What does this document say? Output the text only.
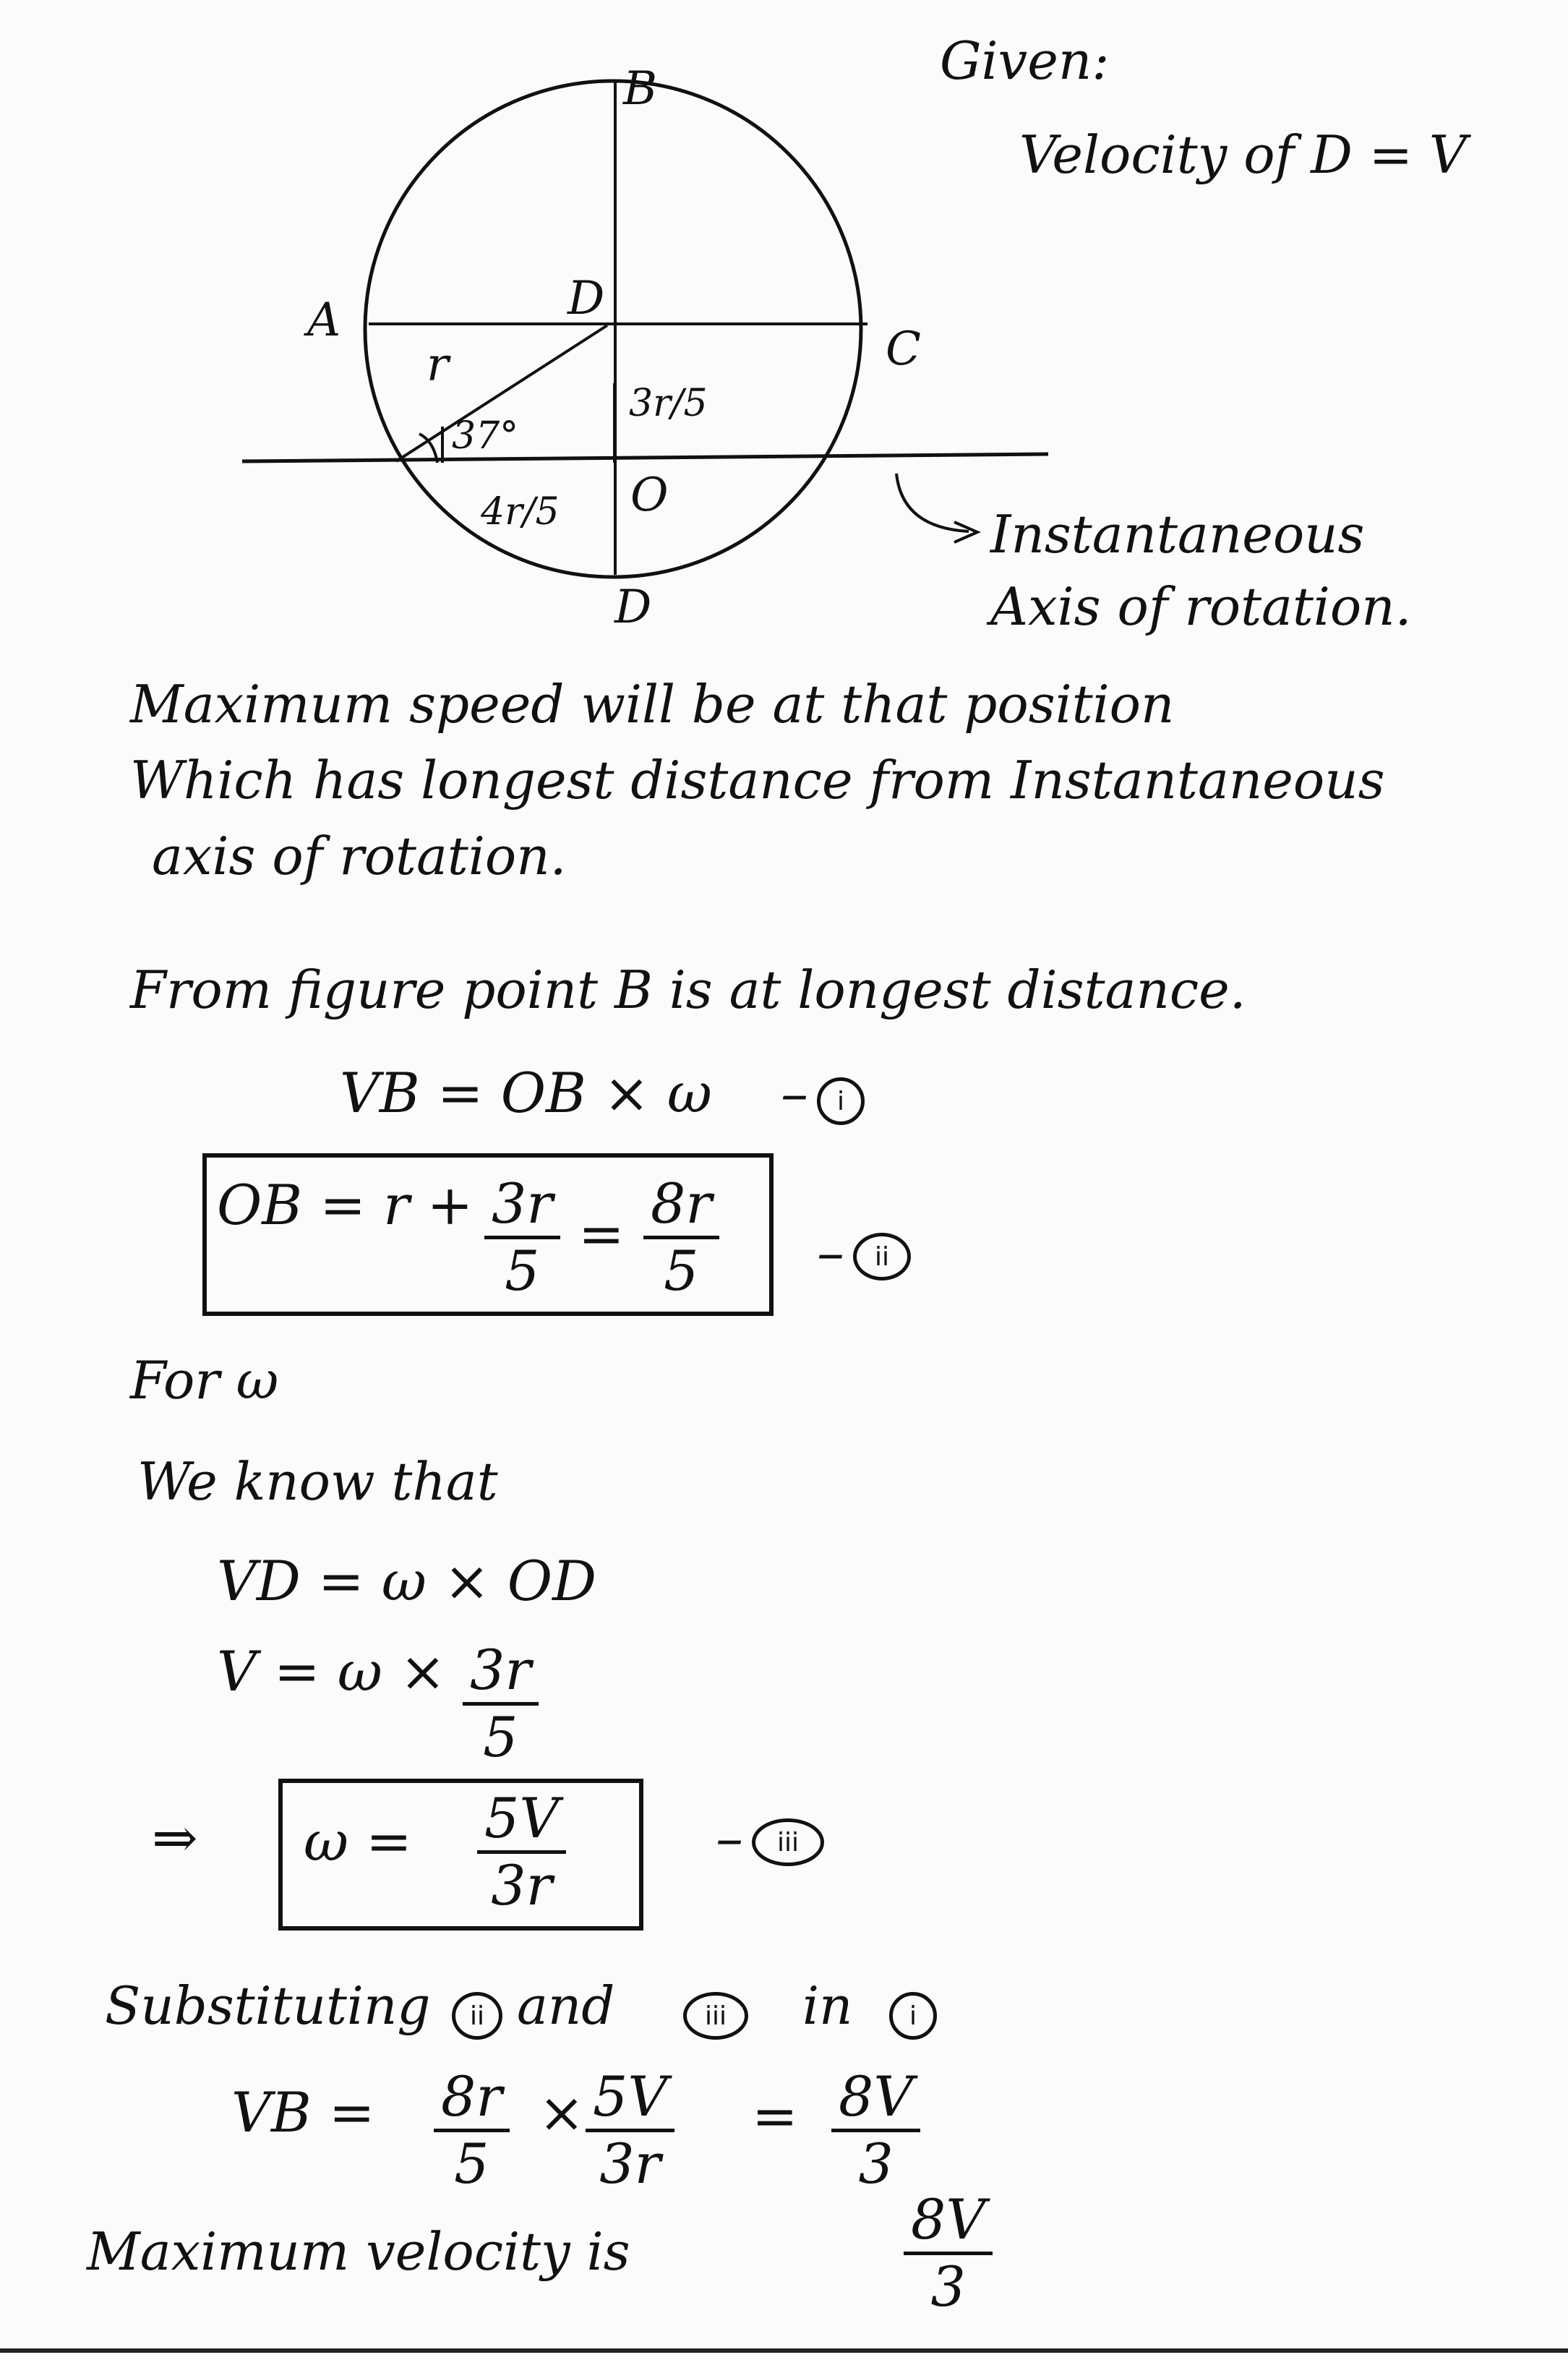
B
A
C
D
D
O
r
37°
3r/5
4r/5	Instantaneous
Axis of rotation.
Given:
Velocity of D = V
Maximum speed will be at that position
Which has longest distance from Instantaneous
axis of rotation.
From figure point B is at longest distance.
VB = OB × ω –	i
OB = $r + \frac{3r}{5} = \frac{8r}{5}$ –	ii
For ω
We know that
VD = ω × OD
$V = \omega \times \frac{3r}{5}$
⇒ $\omega = \frac{5V}{3r}$	–	iii
Substituting	ii and	iii	in	i
VB = $\frac{8r}{5} \times \frac{5V}{3r} = \frac{8V}{3}$
Maximum velocity is	$\frac{8V}{3}$
